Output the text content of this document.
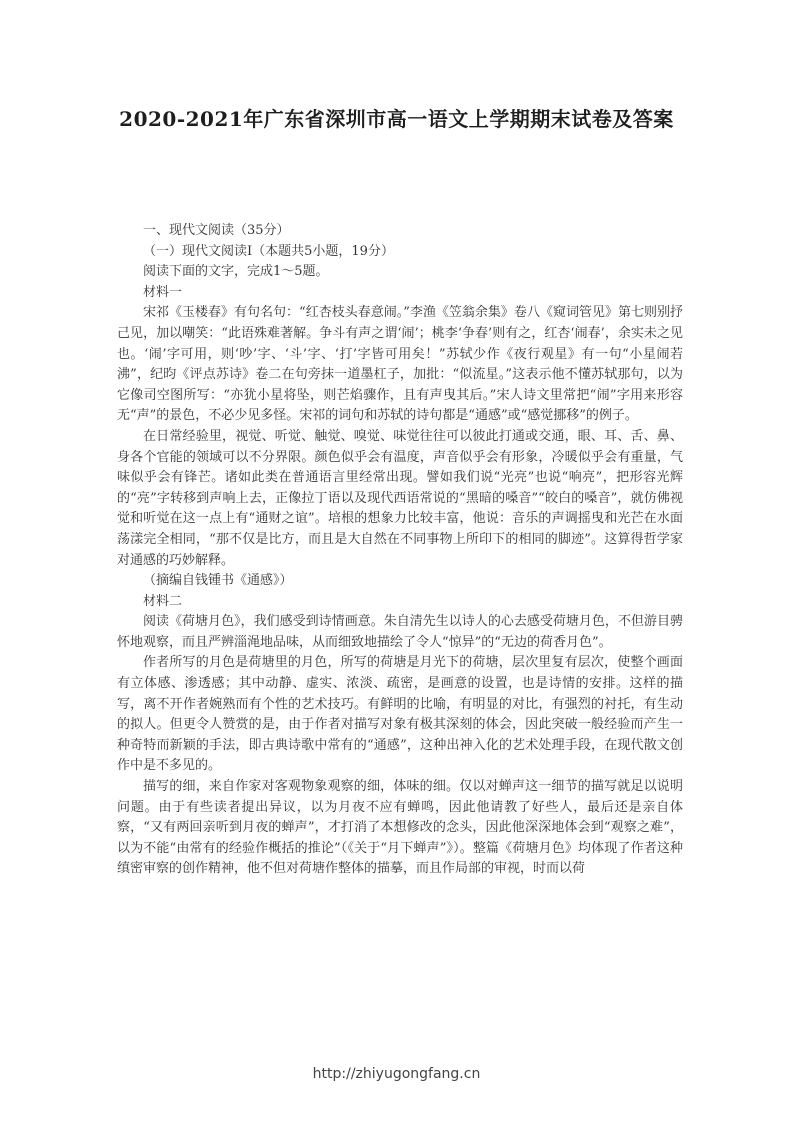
2020-2021年广东省深圳市高一语文上学期期末试卷及答案

一、现代文阅读（35分）

（一）现代文阅读Ⅰ（本题共5小题，19分）

阅读下面的文字，完成1～5题。

材料一

宋祁《玉楼春》有句名句：“红杏枝头春意闹。”李渔《笠翁余集》卷八《窥词管见》第七则别抒己见，加以嘲笑：“此语殊难著解。争斗有声之谓‘闹’；桃李‘争春’则有之，红杏‘闹春’，余实未之见也。‘闹’字可用，则‘吵’字、‘斗’字、‘打’字皆可用矣！”苏轼少作《夜行观星》有一句“小星闹若沸”，纪昀《评点苏诗》卷二在句旁抹一道墨杠子，加批：“似流星。”这表示他不懂苏轼那句，以为它像司空图所写：“亦犹小星将坠，则芒焰骤作，且有声曳其后。”宋人诗文里常把“闹”字用来形容无“声”的景色，不必少见多怪。宋祁的词句和苏轼的诗句都是“通感”或“感觉挪移”的例子。

在日常经验里，视觉、听觉、触觉、嗅觉、味觉往往可以彼此打通或交通，眼、耳、舌、鼻、身各个官能的领域可以不分界限。颜色似乎会有温度，声音似乎会有形象，冷暖似乎会有重量，气味似乎会有锋芒。诸如此类在普通语言里经常出现。譬如我们说“光亮”也说“响亮”，把形容光辉的“亮”字转移到声响上去，正像拉丁语以及现代西语常说的“黑暗的嗓音”“皎白的嗓音”，就仿佛视觉和听觉在这一点上有“通财之谊”。培根的想象力比较丰富，他说：音乐的声调摇曳和光芒在水面荡漾完全相同，“那不仅是比方，而且是大自然在不同事物上所印下的相同的脚迹”。这算得哲学家对通感的巧妙解释。

（摘编自钱锺书《通感》）

材料二

阅读《荷塘月色》，我们感受到诗情画意。朱自清先生以诗人的心去感受荷塘月色，不但游目骋怀地观察，而且严辨淄渑地品味，从而细致地描绘了令人“惊异”的“无边的荷香月色”。

作者所写的月色是荷塘里的月色，所写的荷塘是月光下的荷塘，层次里复有层次，使整个画面有立体感、渗透感；其中动静、虚实、浓淡、疏密，是画意的设置，也是诗情的安排。这样的描写，离不开作者婉熟而有个性的艺术技巧。有鲜明的比喻，有明显的对比，有强烈的衬托，有生动的拟人。但更令人赞赏的是，由于作者对描写对象有极其深刻的体会，因此突破一般经验而产生一种奇特而新颖的手法，即古典诗歌中常有的“通感”，这种出神入化的艺术处理手段，在现代散文创作中是不多见的。

描写的细，来自作家对客观物象观察的细，体味的细。仅以对蝉声这一细节的描写就足以说明问题。由于有些读者提出异议，以为月夜不应有蝉鸣，因此他请教了好些人，最后还是亲自体察，“又有两回亲听到月夜的蝉声”，才打消了本想修改的念头，因此他深深地体会到“观察之难”，以为不能“由常有的经验作概括的推论”（《关于“月下蝉声”》）。整篇《荷塘月色》均体现了作者这种缜密审察的创作精神，他不但对荷塘作整体的描摹，而且作局部的审视，时而以荷

http://zhiyugongfang.cn
